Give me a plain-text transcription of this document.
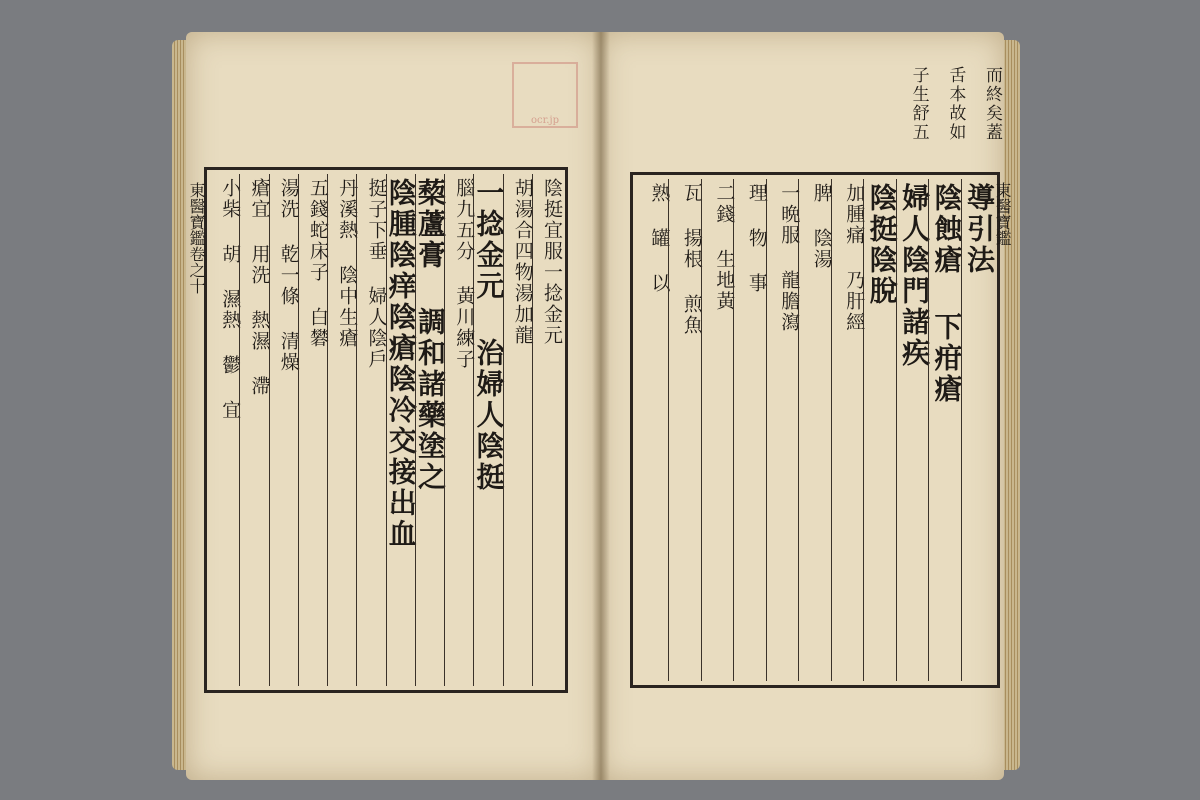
ocr.jp
陰挺宜服一捻金元
胡湯合四物湯加龍
一捻金元 治婦人陰挺
腦九五分 黃川練子
蔾蘆膏 調和諸藥塗之
陰腫陰痒陰瘡陰冷交接出血
挺子下垂 婦人陰戶
丹溪熱 陰中生瘡
五錢蛇床子 白礬
湯洗 乾一條 清燥
瘡宜 用洗 熱濕 滯
小柴 胡 濕熱 鬱 宜
東醫寶鑑卷之十
而終矣蓋
舌本故如
子生舒五
導引法
陰蝕瘡 下疳瘡
婦人陰門諸疾
陰挺陰脫
加腫痛 乃肝經
脾 陰湯
一晩服 龍膽瀉
理 物 事
二錢 生地黃
瓦 揚根 煎魚
熟 罐 以	東醫寶鑑
